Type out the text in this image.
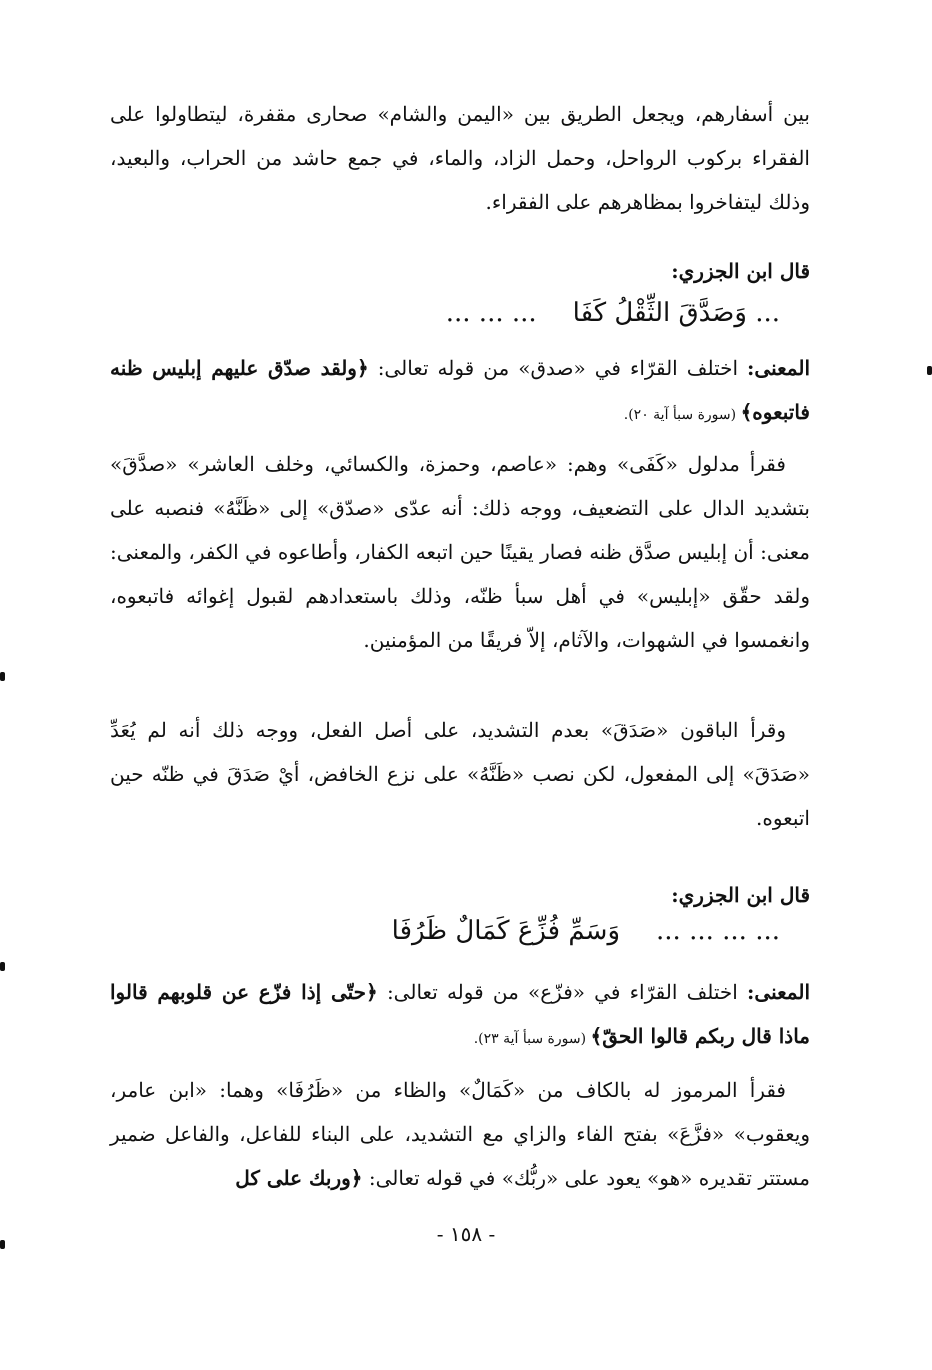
بين أسفارهم، ويجعل الطريق بين «اليمن والشام» صحارى مقفرة، ليتطاولوا على الفقراء بركوب الرواحل، وحمل الزاد، والماء، في جمع حاشد من الحراب، والبعيد، وذلك ليتفاخروا بمظاهرهم على الفقراء.
قال ابن الجزري:
... وَصَدَّقَ الثِّقْلُ كَفَا... ... ...
المعنى: اختلف القرّاء في «صدق» من قوله تعالى: ﴿ولقد صدّق عليهم إبليس ظنه فاتبعوه﴾ (سورة سبأ آية ٢٠).
فقرأ مدلول «كَفَى» وهم: «عاصم، وحمزة، والكسائي، وخلف العاشر» «صدَّقَ» بتشديد الدال على التضعيف، ووجه ذلك: أنه عدّى «صدّق» إلى «ظَنَّهُ» فنصبه على معنى: أن إبليس صدَّق ظنه فصار يقينًا حين اتبعه الكفار، وأطاعوه في الكفر، والمعنى: ولقد حقّق «إبليس» في أهل سبأ ظنّه، وذلك باستعدادهم لقبول إغوائه فاتبعوه، وانغمسوا في الشهوات، والآثام، إلاّ فريقًا من المؤمنين.
وقرأ الباقون «صَدَقَ» بعدم التشديد، على أصل الفعل، ووجه ذلك أنه لم يُعَدِّ «صَدَقَ» إلى المفعول، لكن نصب «ظَنَّهُ» على نزع الخافض، أيْ صَدَقَ في ظنّه حين اتبعوه.
قال ابن الجزري:
... ... ... ...وَسَمِّ فُزِّعَ كَمَالٌ ظَرُفَا
المعنى: اختلف القرّاء في «فزّع» من قوله تعالى: ﴿حتّى إذا فزّع عن قلوبهم قالوا ماذا قال ربكم قالوا الحقّ﴾ (سورة سبأ آية ٢٣).
فقرأ المرموز له بالكاف من «كَمَالٌ» والظاء من «ظَرُفَا» وهما: «ابن عامر، ويعقوب» «فزَّعَ» بفتح الفاء والزاي مع التشديد، على البناء للفاعل، والفاعل ضمير مستتر تقديره «هو» يعود على «ربُّك» في قوله تعالى: ﴿وربك على كل
- ١٥٨ -
